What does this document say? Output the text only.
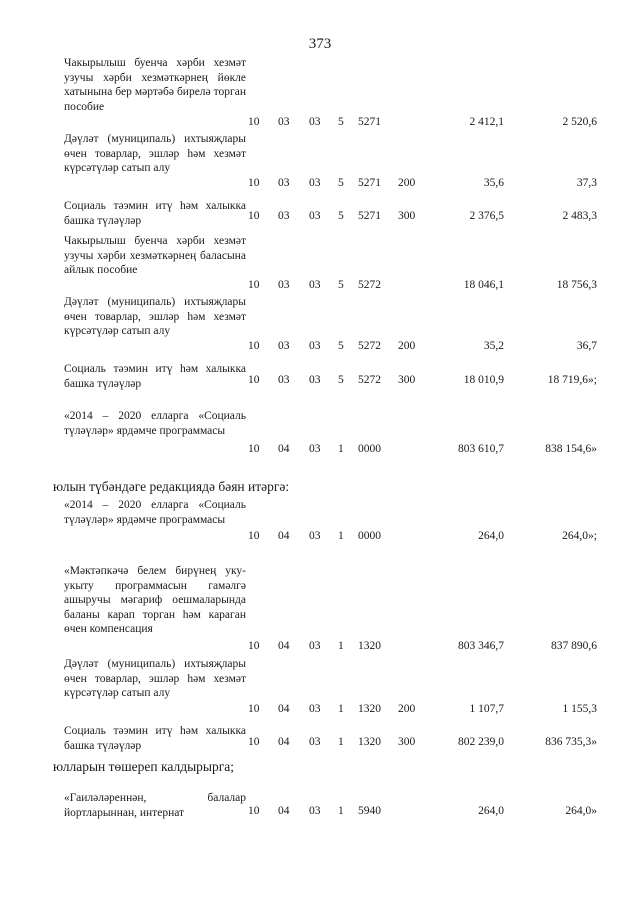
373
Чакырылыш буенча хәрби хезмәт узучы хәрби хезмәткәрнең йөкле хатынына бер мәртәбә бирелә торган пособие
10 03 03 5 5271	2 412,1	2 520,6
Дәүләт (муниципаль) ихтыяҗлары өчен товарлар, эшләр һәм хезмәт күрсәтүләр сатып алу
10 03 03 5 5271 200	35,6	37,3
Социаль тәэмин итү һәм халыкка башка түләүләр	10 03 03 5 5271 300	2 376,5	2 483,3
Чакырылыш буенча хәрби хезмәт узучы хәрби хезмәткәрнең баласына айлык пособие
10 03 03 5 5272	18 046,1	18 756,3
Дәүләт (муниципаль) ихтыяҗлары өчен товарлар, эшләр һәм хезмәт күрсәтүләр сатып алу
10 03 03 5 5272 200	35,2	36,7
Социаль тәэмин итү һәм халыкка башка түләүләр	10 03 03 5 5272 300	18 010,9	18 719,6»;
«2014 – 2020 елларга «Социаль түләүләр» ярдәмче программасы
10 04 03 1 0000	803 610,7	838 154,6»
«2014 – 2020 елларга «Социаль түләүләр» ярдәмче программасы
10 04 03 1 0000	264,0	264,0»;
«Мәктәпкәчә белем бирүнең уку-укыту программасын гамәлгә ашыручы мәгариф оешмаларында баланы карап торган һәм караган өчен компенсация
10 04 03 1 1320	803 346,7	837 890,6
Дәүләт (муниципаль) ихтыяҗлары өчен товарлар, эшләр һәм хезмәт күрсәтүләр сатып алу
10 04 03 1 1320 200	1 107,7	1 155,3
Социаль тәэмин итү һәм халыкка башка түләүләр	10 04 03 1 1320 300	802 239,0	836 735,3»
«Гаиләләреннән, балалар йортларыннан, интернат	10 04 03 1 5940	264,0	264,0»
юлын түбәндәге редакциядә бәян итәргә:
юлларын төшереп калдырырга;
